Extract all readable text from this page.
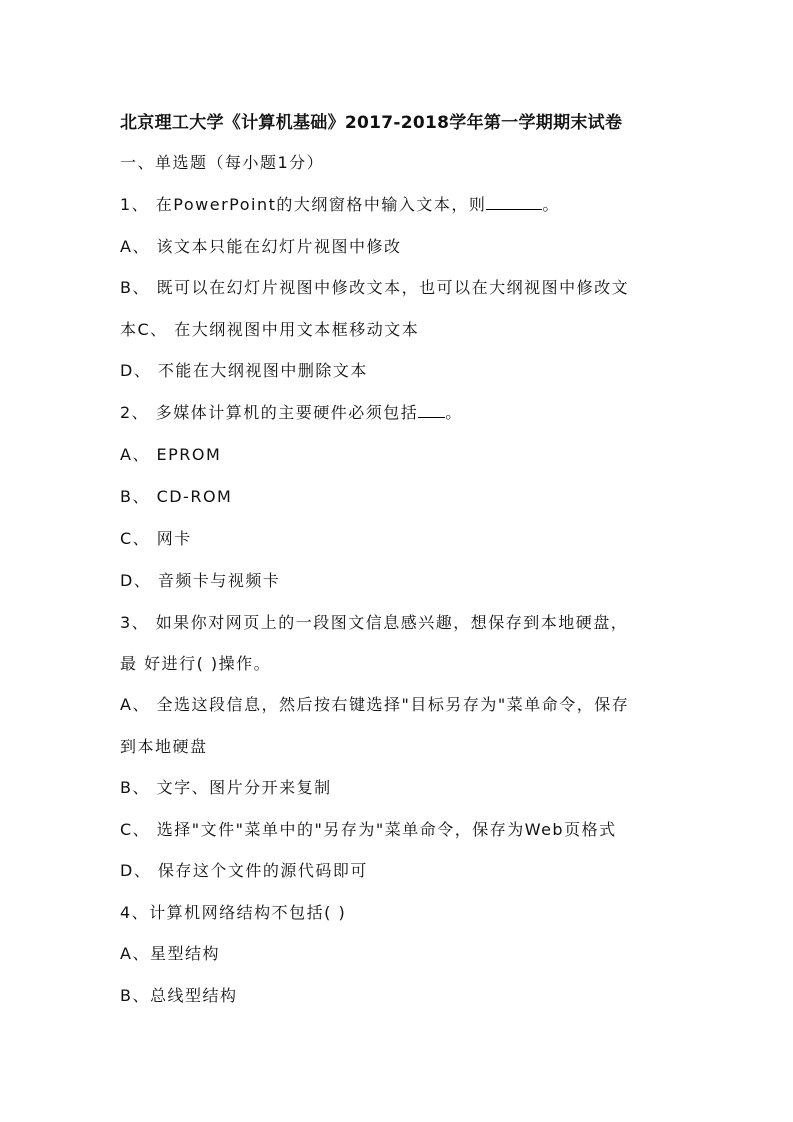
北京理工大学《计算机基础》2017-2018学年第一学期期末试卷
一、单选题（每小题1分）
1、 在PowerPoint的大纲窗格中输入文本，则	。
A、 该文本只能在幻灯片视图中修改
B、 既可以在幻灯片视图中修改文本，也可以在大纲视图中修改文
本C、 在大纲视图中用文本框移动文本
D、 不能在大纲视图中删除文本
2、 多媒体计算机的主要硬件必须包括 。
A、 EPROM
B、 CD-ROM
C、 网卡
D、 音频卡与视频卡
3、 如果你对网页上的一段图文信息感兴趣，想保存到本地硬盘，
最 好进行( )操作。
A、 全选这段信息，然后按右键选择"目标另存为"菜单命令，保存
到本地硬盘
B、 文字、图片分开来复制
C、 选择"文件"菜单中的"另存为"菜单命令，保存为Web页格式
D、 保存这个文件的源代码即可
4、计算机网络结构不包括( )
A、星型结构
B、总线型结构
